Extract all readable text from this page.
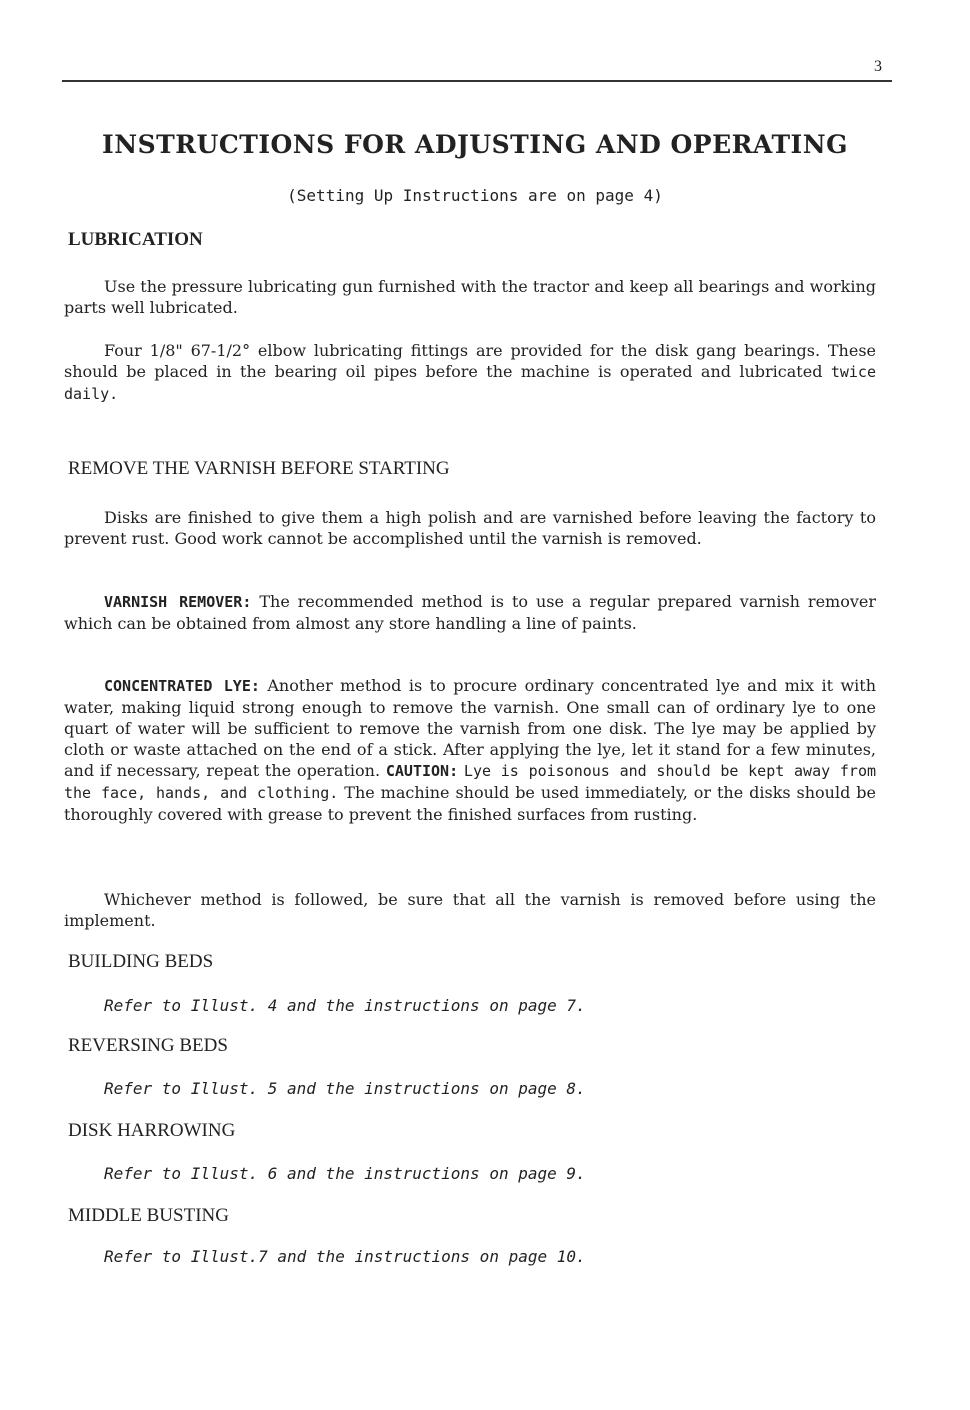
3
INSTRUCTIONS FOR ADJUSTING AND OPERATING
(Setting Up Instructions are on page 4)
LUBRICATION

Use the pressure lubricating gun furnished with the tractor and keep all bearings and working parts well lubricated.

Four 1/8" 67-1/2° elbow lubricating fittings are provided for the disk gang bearings. These should be placed in the bearing oil pipes before the machine is operated and lubricated twice daily.

REMOVE THE VARNISH BEFORE STARTING

Disks are finished to give them a high polish and are varnished before leaving the factory to prevent rust. Good work cannot be accomplished until the varnish is removed.

VARNISH REMOVER: The recommended method is to use a regular prepared varnish remover which can be obtained from almost any store handling a line of paints.

CONCENTRATED LYE: Another method is to procure ordinary concentrated lye and mix it with water, making liquid strong enough to remove the varnish. One small can of ordinary lye to one quart of water will be sufficient to remove the varnish from one disk. The lye may be applied by cloth or waste attached on the end of a stick. After applying the lye, let it stand for a few minutes, and if necessary, repeat the operation. CAUTION: Lye is poisonous and should be kept away from the face, hands, and clothing. The machine should be used immediately, or the disks should be thoroughly covered with grease to prevent the finished surfaces from rusting.

Whichever method is followed, be sure that all the varnish is removed before using the implement.

BUILDING BEDS
Refer to Illust. 4 and the instructions on page 7.
REVERSING BEDS
Refer to Illust. 5 and the instructions on page 8.
DISK HARROWING
Refer to Illust. 6 and the instructions on page 9.
MIDDLE BUSTING
Refer to Illust.7 and the instructions on page 10.
